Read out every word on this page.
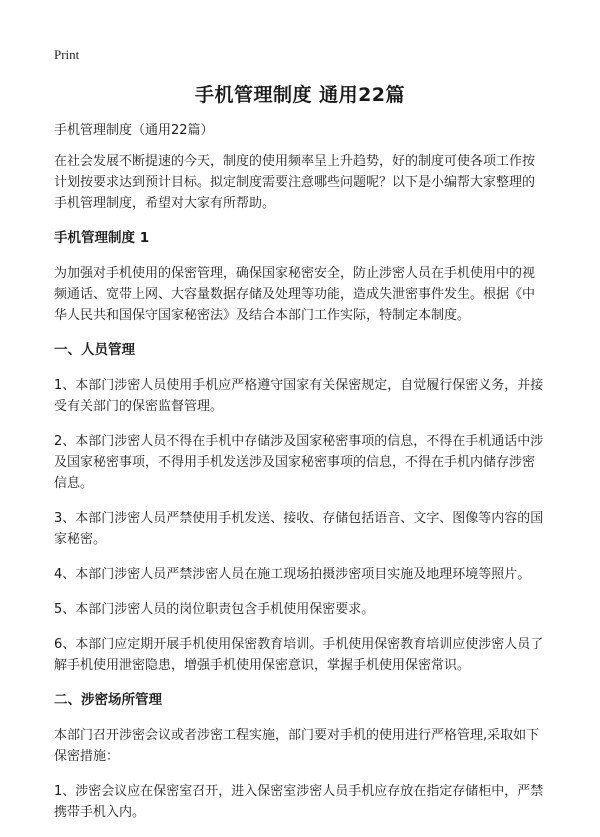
Print
手机管理制度 通用22篇

手机管理制度（通用22篇）

在社会发展不断提速的今天，制度的使用频率呈上升趋势，好的制度可使各项工作按计划按要求达到预计目标。拟定制度需要注意哪些问题呢？以下是小编帮大家整理的手机管理制度，希望对大家有所帮助。

手机管理制度 1

为加强对手机使用的保密管理，确保国家秘密安全，防止涉密人员在手机使用中的视频通话、宽带上网、大容量数据存储及处理等功能，造成失泄密事件发生。根据《中华人民共和国保守国家秘密法》及结合本部门工作实际，特制定本制度。

一、人员管理

1、本部门涉密人员使用手机应严格遵守国家有关保密规定，自觉履行保密义务，并接受有关部门的保密监督管理。

2、本部门涉密人员不得在手机中存储涉及国家秘密事项的信息，不得在手机通话中涉及国家秘密事项，不得用手机发送涉及国家秘密事项的信息，不得在手机内储存涉密信息。

3、本部门涉密人员严禁使用手机发送、接收、存储包括语音、文字、图像等内容的国家秘密。

4、本部门涉密人员严禁涉密人员在施工现场拍摄涉密项目实施及地理环境等照片。

5、本部门涉密人员的岗位职责包含手机使用保密要求。

6、本部门应定期开展手机使用保密教育培训。手机使用保密教育培训应使涉密人员了解手机使用泄密隐患，增强手机使用保密意识，掌握手机使用保密常识。

二、涉密场所管理

本部门召开涉密会议或者涉密工程实施，部门要对手机的使用进行严格管理,采取如下保密措施：

1、涉密会议应在保密室召开，进入保密室涉密人员手机应存放在指定存储柜中，严禁携带手机入内。
